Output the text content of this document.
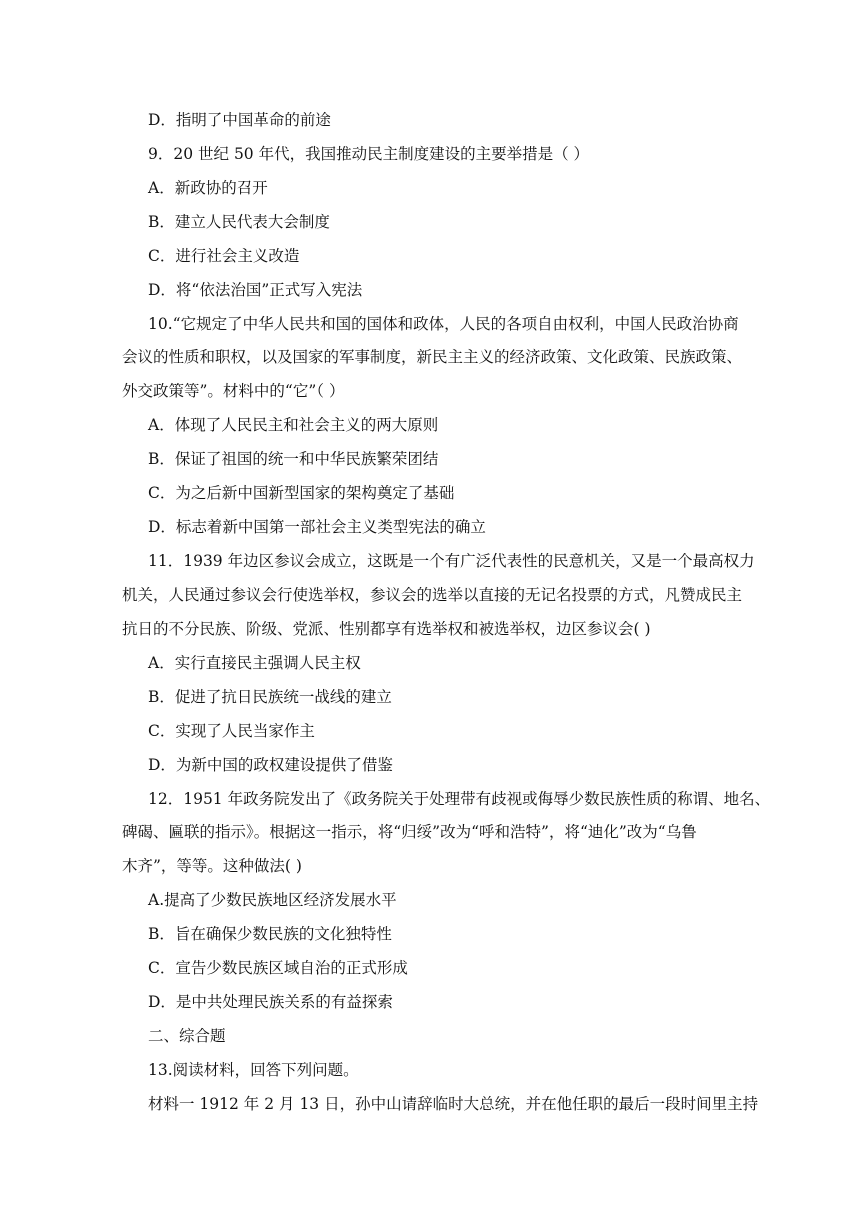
D．指明了中国革命的前途
9．20 世纪 50 年代，我国推动民主制度建设的主要举措是（ ）
A．新政协的召开
B．建立人民代表大会制度
C．进行社会主义改造
D．将“依法治国”正式写入宪法
10.“它规定了中华人民共和国的国体和政体，人民的各项自由权利，中国人民政治协商
会议的性质和职权，以及国家的军事制度，新民主主义的经济政策、文化政策、民族政策、
外交政策等”。材料中的“它”（ ）
A．体现了人民民主和社会主义的两大原则
B．保证了祖国的统一和中华民族繁荣团结
C．为之后新中国新型国家的架构奠定了基础
D．标志着新中国第一部社会主义类型宪法的确立
11．1939 年边区参议会成立，这既是一个有广泛代表性的民意机关，又是一个最高权力
机关，人民通过参议会行使选举权，参议会的选举以直接的无记名投票的方式，凡赞成民主
抗日的不分民族、阶级、党派、性别都享有选举权和被选举权，边区参议会( )
A．实行直接民主强调人民主权
B．促进了抗日民族统一战线的建立
C．实现了人民当家作主
D．为新中国的政权建设提供了借鉴
12．1951 年政务院发出了《政务院关于处理带有歧视或侮辱少数民族性质的称谓、地名、
碑碣、匾联的指示》。根据这一指示，将“归绥”改为“呼和浩特”，将“迪化”改为“乌鲁
木齐”，等等。这种做法( )
A.提高了少数民族地区经济发展水平
B．旨在确保少数民族的文化独特性
C．宣告少数民族区域自治的正式形成
D．是中共处理民族关系的有益探索
二、综合题
13.阅读材料，回答下列问题。
材料一 1912 年 2 月 13 日，孙中山请辞临时大总统，并在他任职的最后一段时间里主持
